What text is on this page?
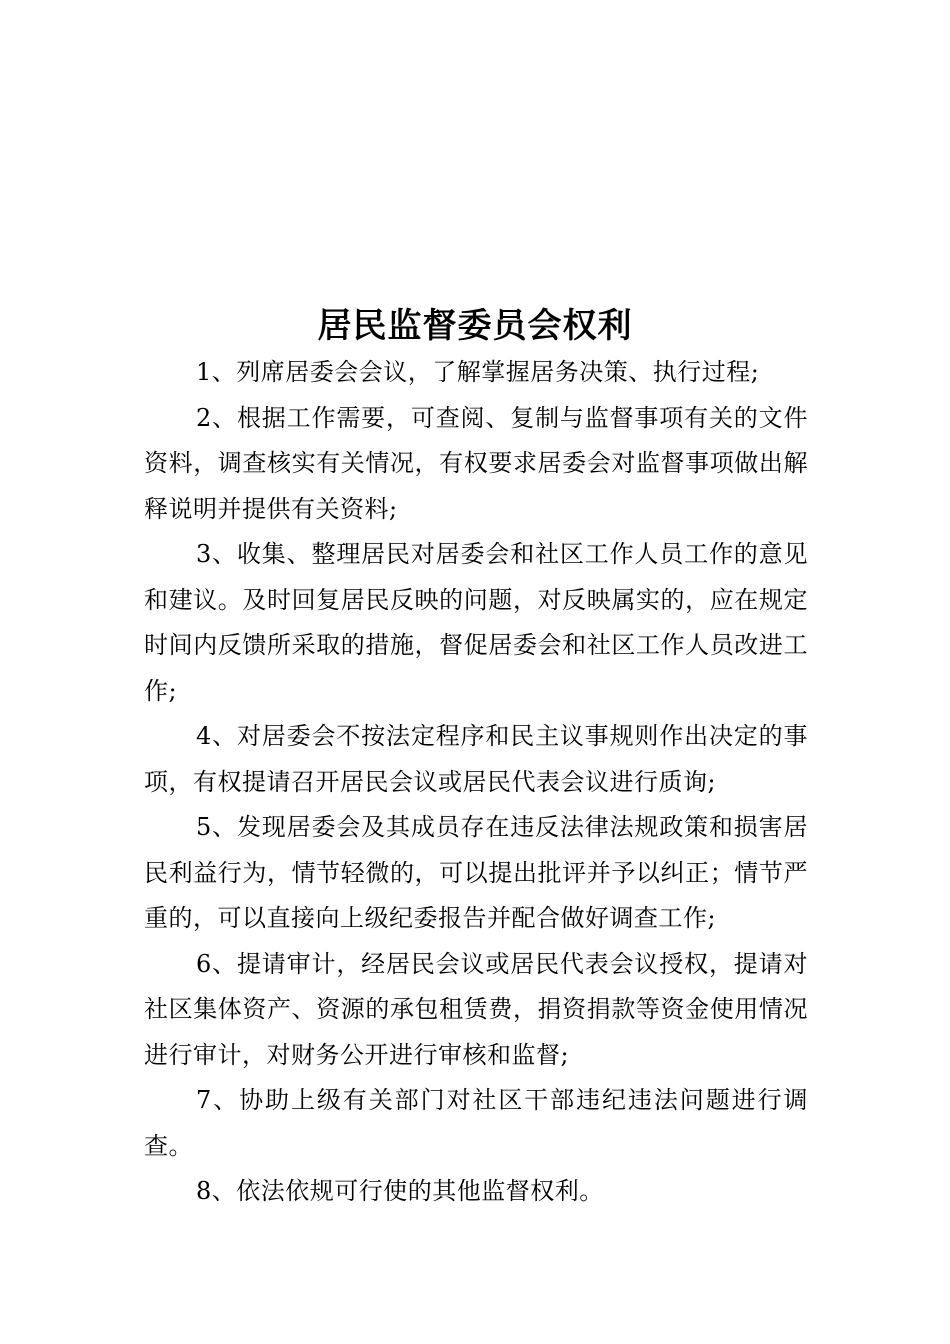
居民监督委员会权利

1、列席居委会会议，了解掌握居务决策、执行过程;

2、根据工作需要，可查阅、复制与监督事项有关的文件资料，调查核实有关情况，有权要求居委会对监督事项做出解释说明并提供有关资料;

3、收集、整理居民对居委会和社区工作人员工作的意见和建议。及时回复居民反映的问题，对反映属实的，应在规定时间内反馈所采取的措施，督促居委会和社区工作人员改进工作;

4、对居委会不按法定程序和民主议事规则作出决定的事项，有权提请召开居民会议或居民代表会议进行质询;

5、发现居委会及其成员存在违反法律法规政策和损害居民利益行为，情节轻微的，可以提出批评并予以纠正；情节严重的，可以直接向上级纪委报告并配合做好调查工作;

6、提请审计，经居民会议或居民代表会议授权，提请对社区集体资产、资源的承包租赁费，捐资捐款等资金使用情况进行审计，对财务公开进行审核和监督;

7、协助上级有关部门对社区干部违纪违法问题进行调查。

8、依法依规可行使的其他监督权利。
